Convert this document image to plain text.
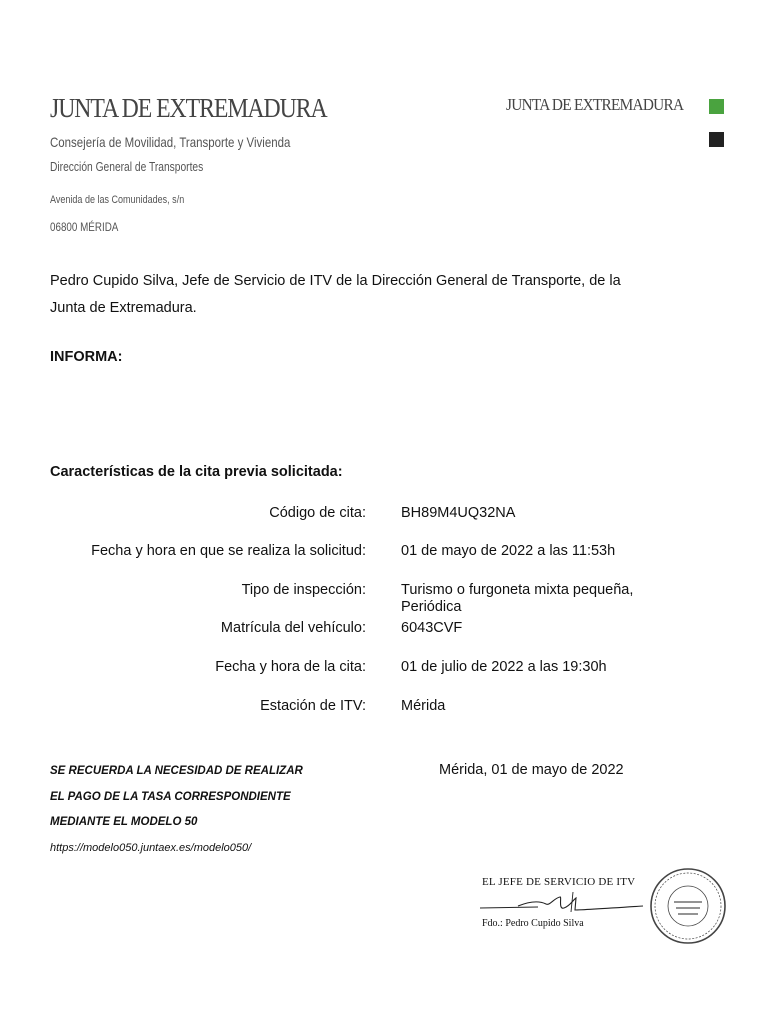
JUNTA DE EXTREMADURA	JUNTA DE EXTREMADURA
Consejería de Movilidad, Transporte y Vivienda
Dirección General de Transportes
Avenida de las Comunidades, s/n
06800 MÉRIDA
Pedro Cupido Silva, Jefe de Servicio de ITV de la Dirección General de Transporte, de la Junta de Extremadura.
INFORMA:
Características de la cita previa solicitada:
Código de cita: BH89M4UQ32NA
Fecha y hora en que se realiza la solicitud: 01 de mayo de 2022 a las 11:53h
Tipo de inspección: Turismo o furgoneta mixta pequeña, Periódica
Matrícula del vehículo: 6043CVF
Fecha y hora de la cita: 01 de julio de 2022 a las 19:30h
Estación de ITV: Mérida
SE RECUERDA LA NECESIDAD DE REALIZAR
EL PAGO DE LA TASA CORRESPONDIENTE
MEDIANTE EL MODELO 50
https://modelo050.juntaex.es/modelo050/
Mérida, 01 de mayo de 2022
EL JEFE DE SERVICIO DE ITV
Fdo.: Pedro Cupido Silva
